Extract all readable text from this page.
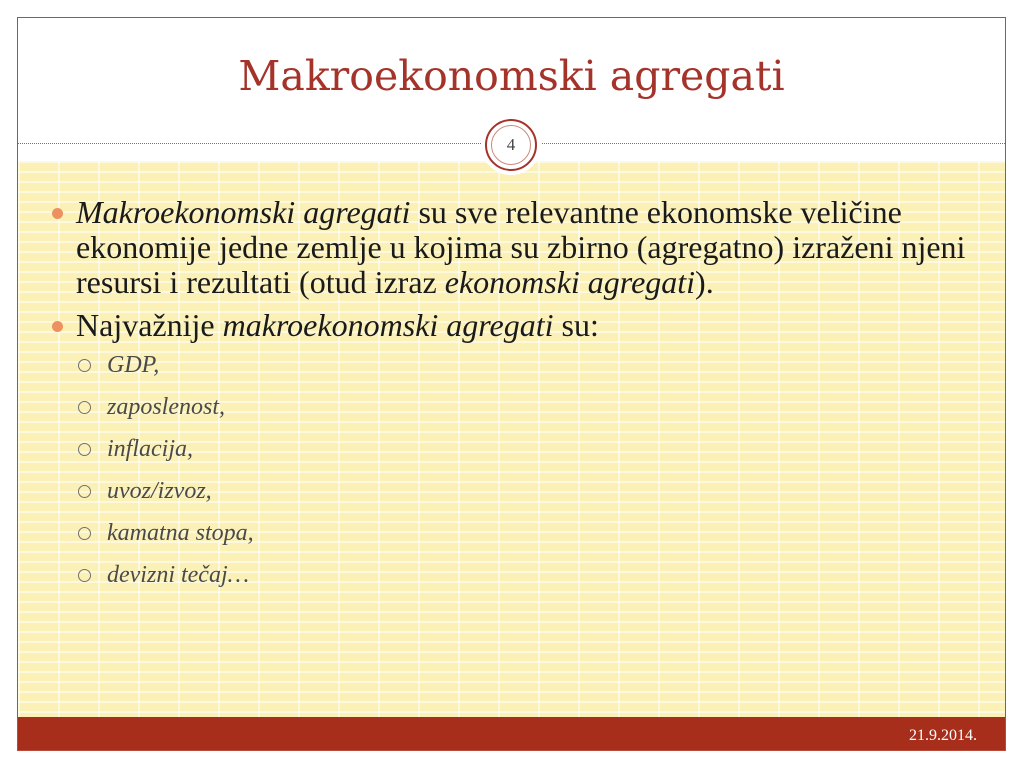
Makroekonomski agregati
Makroekonomski agregati su sve relevantne ekonomske veličine ekonomije jedne zemlje u kojima su zbirno (agregatno) izraženi njeni resursi i rezultati (otud izraz ekonomski agregati).
Najvažnije makroekonomski agregati su:
GDP,
zaposlenost,
inflacija,
uvoz/izvoz,
kamatna stopa,
devizni tečaj…
4
21.9.2014.
